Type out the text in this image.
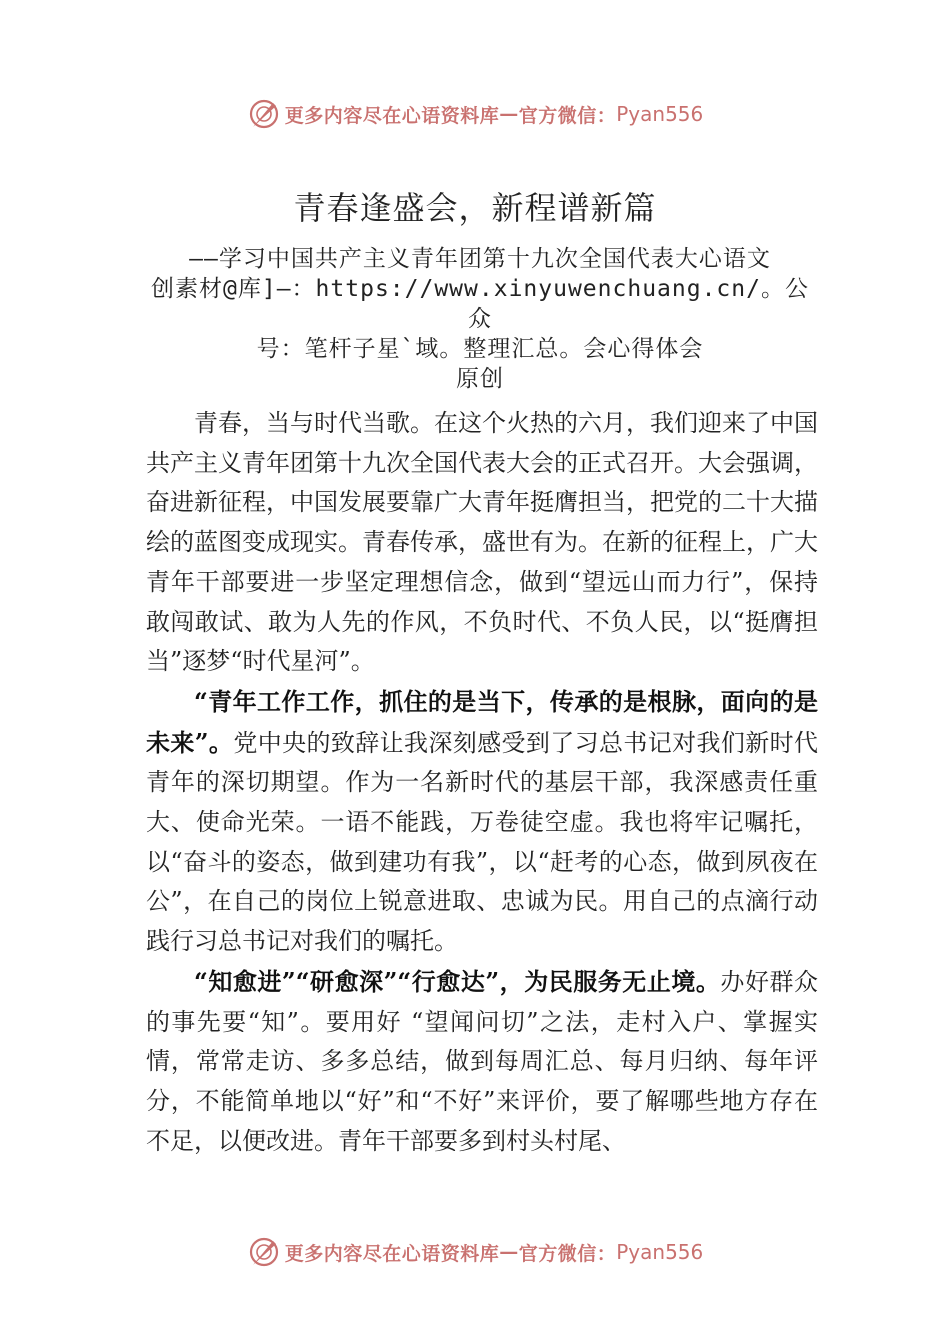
更多内容尽在心语资料库 — 官方微信： Pyan556
青春逢盛会，新程谱新篇
——学习中国共产主义青年团第十九次全国代表大心语文
创素材@库]—：https://www.xinyuwenchuang.cn/。公众
号：笔杆子星`域。整理汇总。会心得体会
原创

青春，当与时代当歌。在这个火热的六月，我们迎来了中国共产主义青年团第十九次全国代表大会的正式召开。大会强调，奋进新征程，中国发展要靠广大青年挺膺担当，把党的二十大描绘的蓝图变成现实。青春传承，盛世有为。在新的征程上，广大青年干部要进一步坚定理想信念，做到“望远山而力行”，保持敢闯敢试、敢为人先的作风，不负时代、不负人民，以“挺膺担当”逐梦“时代星河”。

“青年工作工作，抓住的是当下，传承的是根脉，面向的是未来”。党中央的致辞让我深刻感受到了习总书记对我们新时代青年的深切期望。作为一名新时代的基层干部，我深感责任重大、使命光荣。一语不能践，万卷徒空虚。我也将牢记嘱托，以“奋斗的姿态，做到建功有我”，以“赶考的心态，做到夙夜在公”，在自己的岗位上锐意进取、忠诚为民。用自己的点滴行动践行习总书记对我们的嘱托。

“知愈进”“研愈深”“行愈达”，为民服务无止境。办好群众的事先要“知”。要用好 “望闻问切”之法，走村入户、掌握实情，常常走访、多多总结，做到每周汇总、每月归纳、每年评分，不能简单地以“好”和“不好”来评价，要了解哪些地方存在不足，以便改进。青年干部要多到村头村尾、

更多内容尽在心语资料库 — 官方微信： Pyan556
